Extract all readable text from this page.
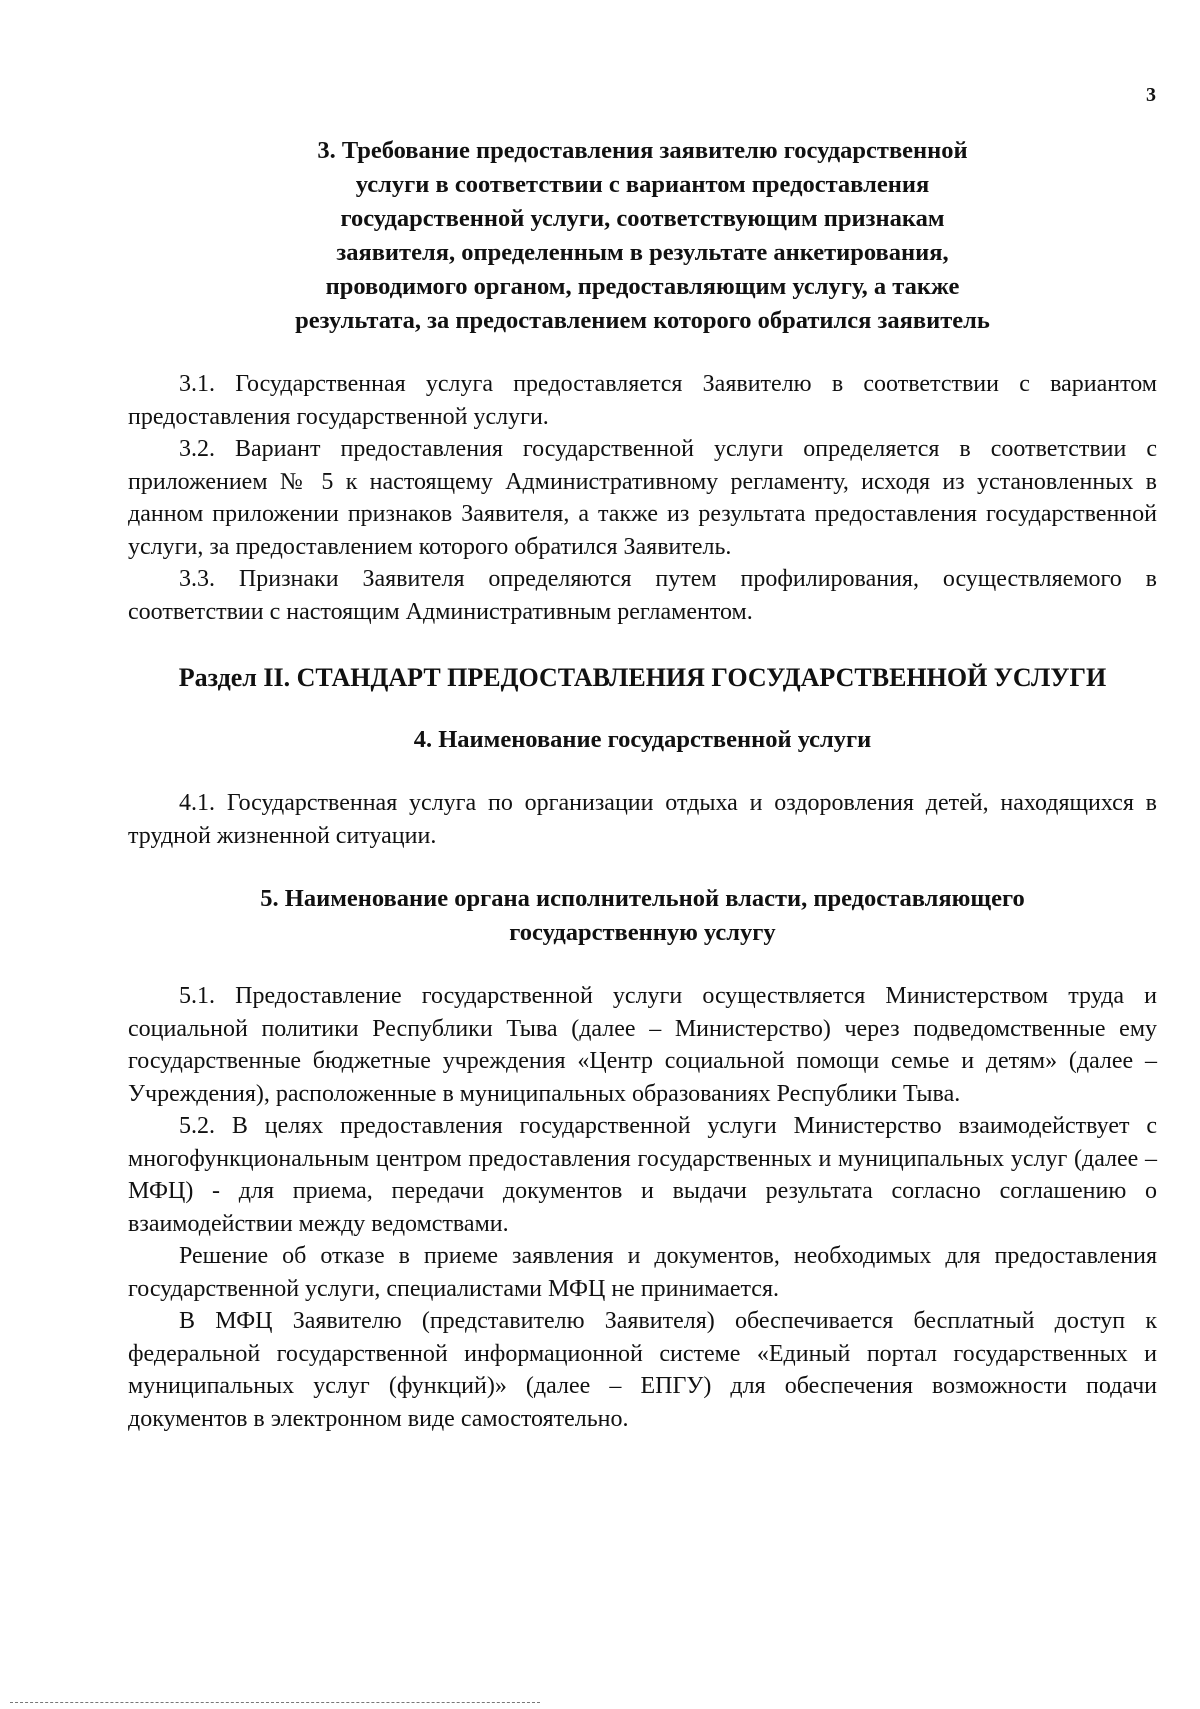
3
3. Требование предоставления заявителю государственной
услуги в соответствии с вариантом предоставления
государственной услуги, соответствующим признакам
заявителя, определенным в результате анкетирования,
проводимого органом, предоставляющим услугу, а также
результата, за предоставлением которого обратился заявитель

3.1. Государственная услуга предоставляется Заявителю в соответствии с вариантом предоставления государственной услуги.

3.2. Вариант предоставления государственной услуги определяется в соответствии с приложением № 5 к настоящему Административному регламенту, исходя из установленных в данном приложении признаков Заявителя, а также из результата предоставления государственной услуги, за предоставлением которого обратился Заявитель.

3.3. Признаки Заявителя определяются путем профилирования, осуществляемого в соответствии с настоящим Административным регламентом.

Раздел II. СТАНДАРТ ПРЕДОСТАВЛЕНИЯ ГОСУДАРСТВЕННОЙ УСЛУГИ
4. Наименование государственной услуги

4.1. Государственная услуга по организации отдыха и оздоровления детей, находящихся в трудной жизненной ситуации.

5. Наименование органа исполнительной власти, предоставляющего
государственную услугу

5.1. Предоставление государственной услуги осуществляется Министерством труда и социальной политики Республики Тыва (далее – Министерство) через подведомственные ему государственные бюджетные учреждения «Центр социальной помощи семье и детям» (далее – Учреждения), расположенные в муниципальных образованиях Республики Тыва.

5.2. В целях предоставления государственной услуги Министерство взаимодействует с многофункциональным центром предоставления государственных и муниципальных услуг (далее – МФЦ) - для приема, передачи документов и выдачи результата согласно соглашению о взаимодействии между ведомствами.

Решение об отказе в приеме заявления и документов, необходимых для предоставления государственной услуги, специалистами МФЦ не принимается.

В МФЦ Заявителю (представителю Заявителя) обеспечивается бесплатный доступ к федеральной государственной информационной системе «Единый портал государственных и муниципальных услуг (функций)» (далее – ЕПГУ) для обеспечения возможности подачи документов в электронном виде самостоятельно.
